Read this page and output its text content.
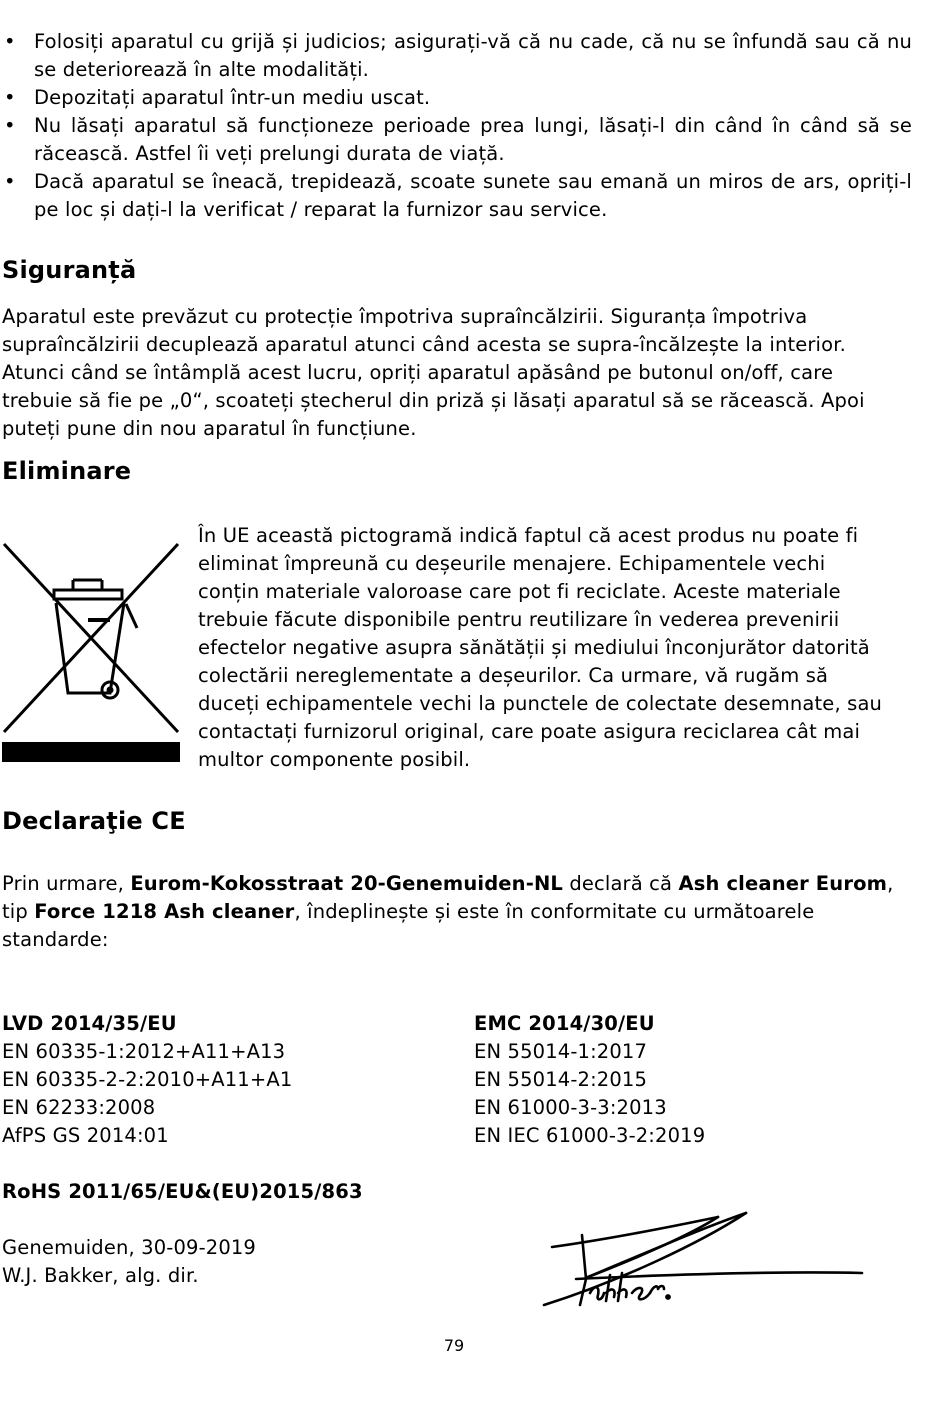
• Folosiți aparatul cu grijă și judicios; asigurați-vă că nu cade, că nu se înfundă sau că nu se deteriorează în alte modalități.
• Depozitați aparatul într-un mediu uscat.
• Nu lăsați aparatul să funcționeze perioade prea lungi, lăsați-l din când în când să se răcească. Astfel îi veți prelungi durata de viață.
• Dacă aparatul se îneacă, trepidează, scoate sunete sau emană un miros de ars, opriți-l pe loc și dați-l la verificat / reparat la furnizor sau service.
Siguranță

Aparatul este prevăzut cu protecție împotriva supraîncălzirii. Siguranța împotriva supraîncălzirii decuplează aparatul atunci când acesta se supra-încălzește la interior. Atunci când se întâmplă acest lucru, opriți aparatul apăsând pe butonul on/off, care trebuie să fie pe „0“, scoateți ștecherul din priză și lăsați aparatul să se răcească. Apoi puteți pune din nou aparatul în funcțiune.

Eliminare

În UE această pictogramă indică faptul că acest produs nu poate fi eliminat împreună cu deșeurile menajere. Echipamentele vechi conțin materiale valoroase care pot fi reciclate. Aceste materiale trebuie făcute disponibile pentru reutilizare în vederea prevenirii efectelor negative asupra sănătății și mediului înconjurător datorită colectării nereglementate a deșeurilor. Ca urmare, vă rugăm să duceți echipamentele vechi la punctele de colectate desemnate, sau contactați furnizorul original, care poate asigura reciclarea cât mai multor componente posibil.

Declaraţie CE

Prin urmare, Eurom-Kokosstraat 20-Genemuiden-NL declară că Ash cleaner Eurom, tip Force 1218 Ash cleaner, îndeplinește și este în conformitate cu următoarele standarde:

LVD 2014/35/EU
EN 60335-1:2012+A11+A13
EN 60335-2-2:2010+A11+A1
EN 62233:2008
AfPS GS 2014:01
EMC 2014/30/EU
EN 55014-1:2017
EN 55014-2:2015
EN 61000-3-3:2013
EN IEC 61000-3-2:2019
RoHS 2011/65/EU&(EU)2015/863
Genemuiden, 30-09-2019
W.J. Bakker, alg. dir.
79
